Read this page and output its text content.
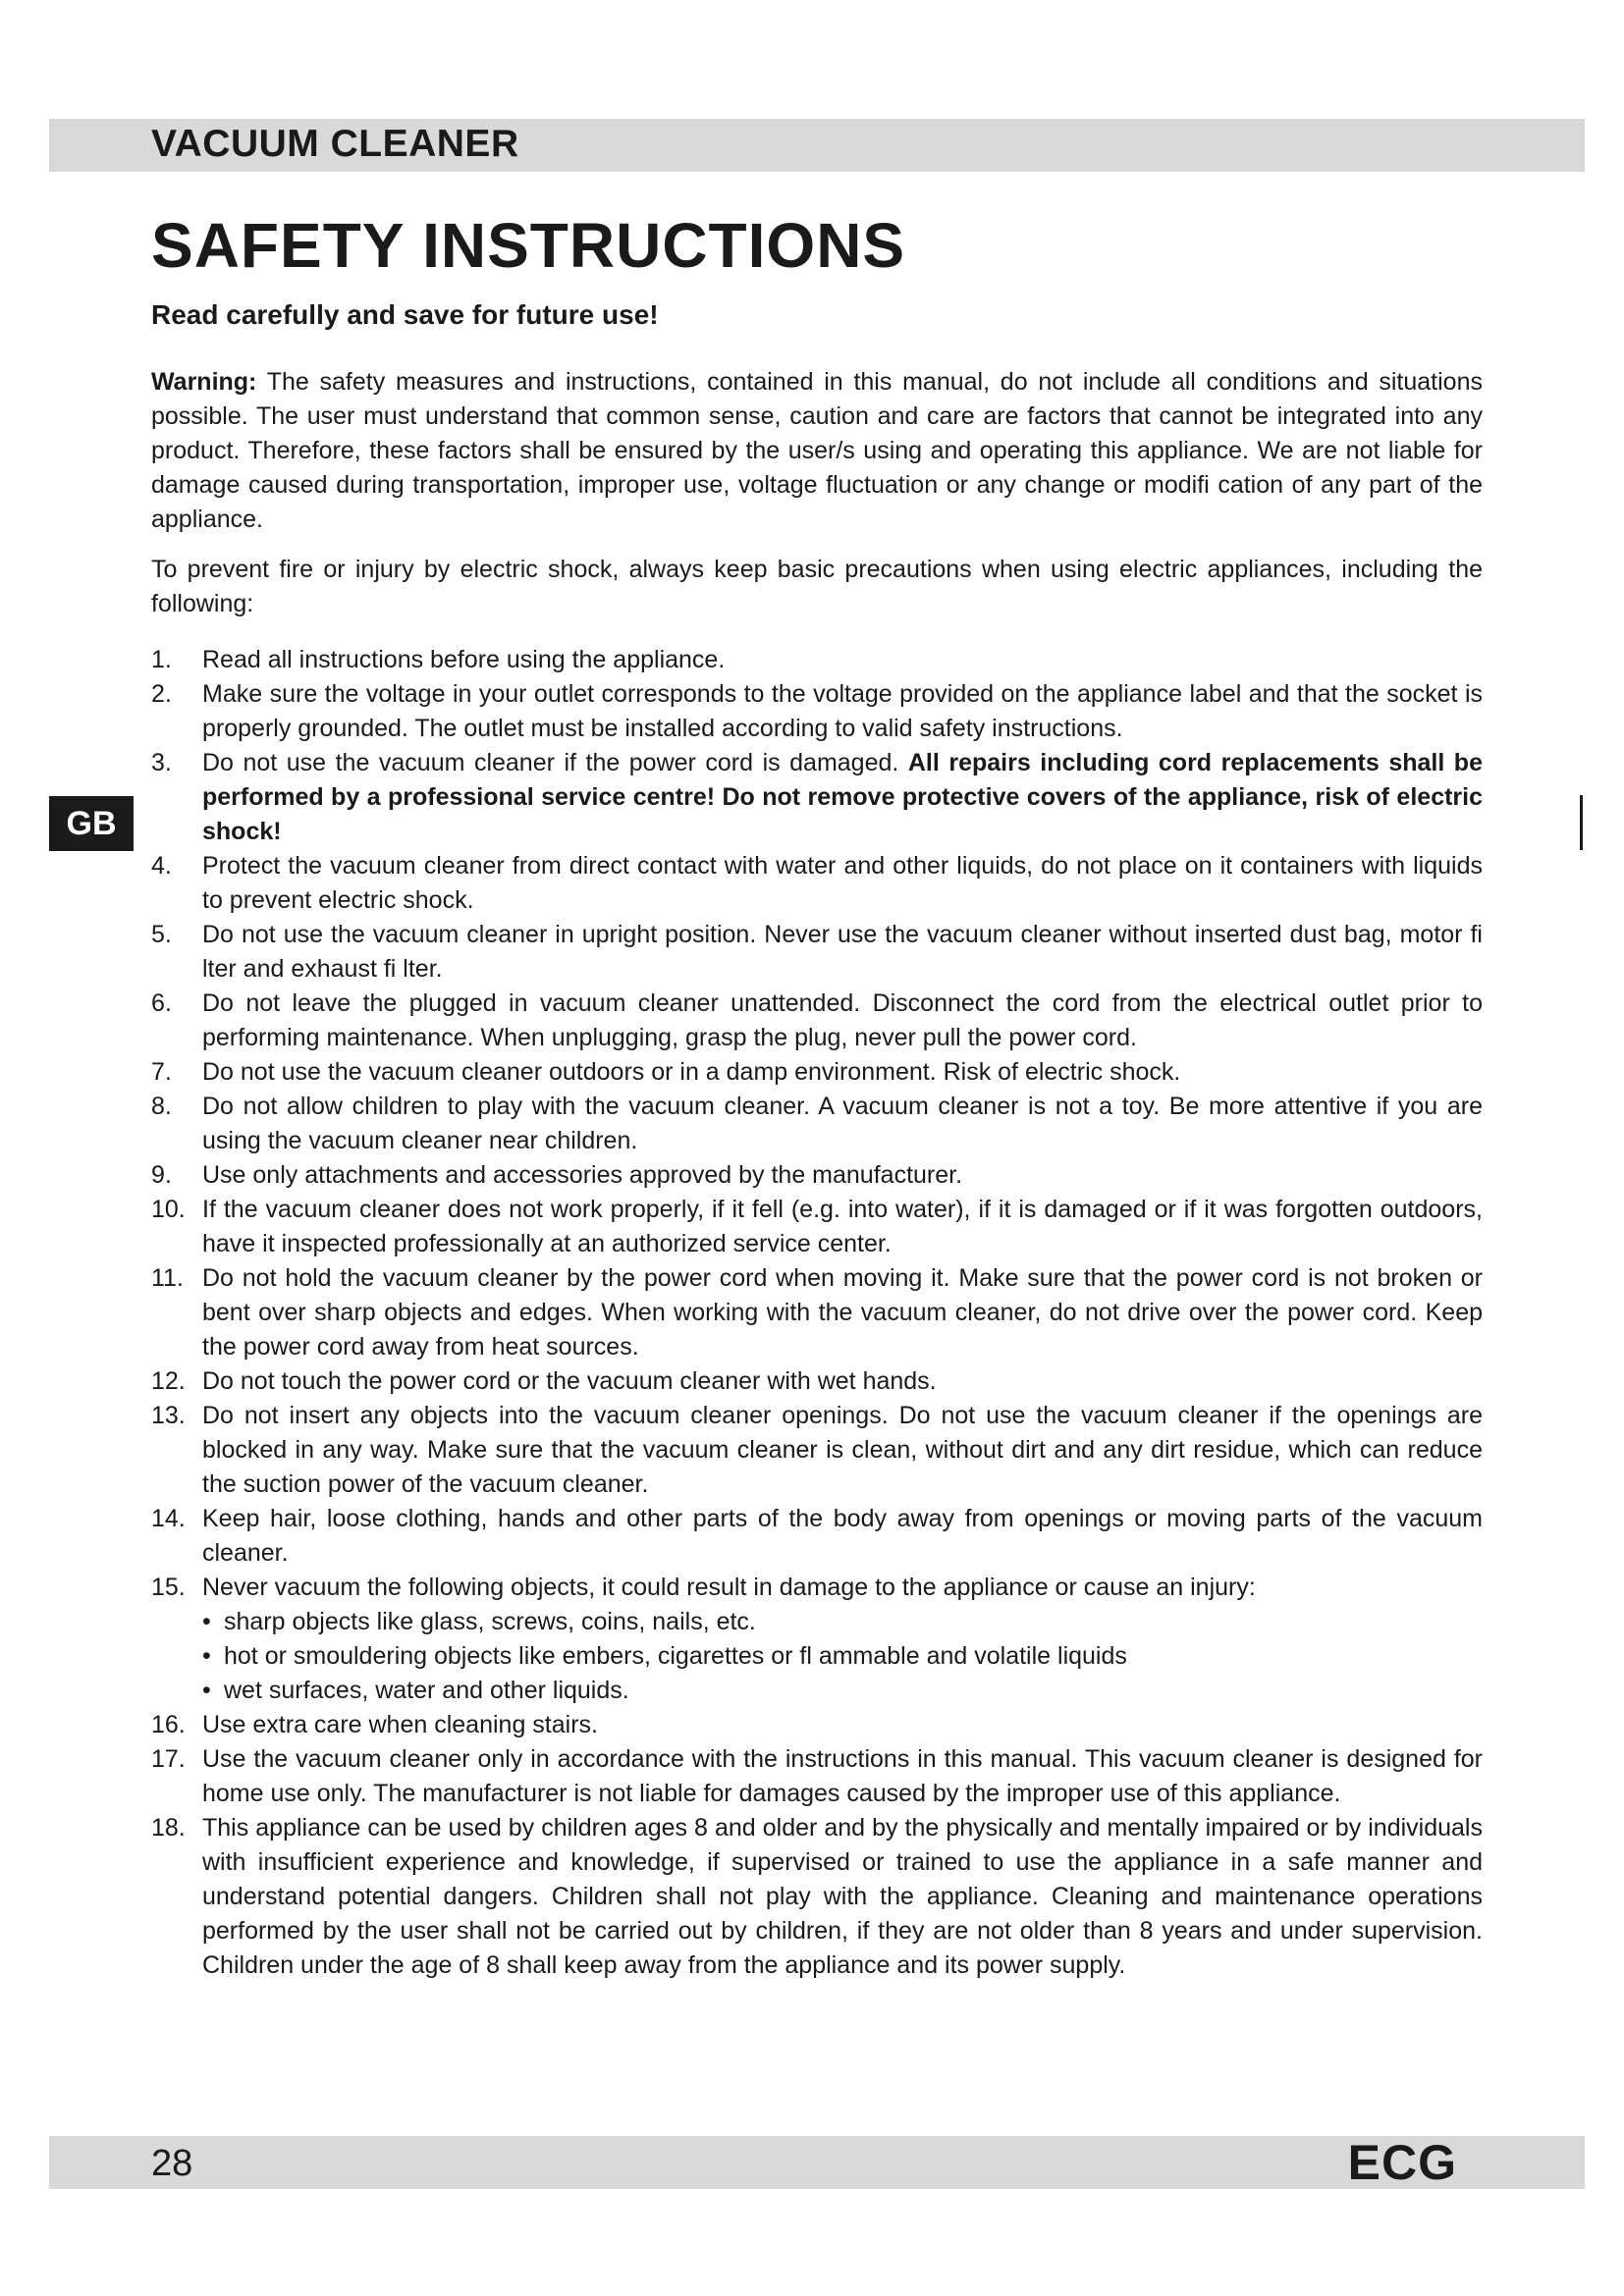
VACUUM CLEANER
SAFETY INSTRUCTIONS
Read carefully and save for future use!
GB

Warning: The safety measures and instructions, contained in this manual, do not include all conditions and situations possible. The user must understand that common sense, caution and care are factors that cannot be integrated into any product. Therefore, these factors shall be ensured by the user/s using and operating this appliance. We are not liable for damage caused during transportation, improper use, voltage fluctuation or any change or modifi cation of any part of the appliance.

To prevent fire or injury by electric shock, always keep basic precautions when using electric appliances, including the following:

1. Read all instructions before using the appliance.
2. Make sure the voltage in your outlet corresponds to the voltage provided on the appliance label and that the socket is properly grounded. The outlet must be installed according to valid safety instructions.
3. Do not use the vacuum cleaner if the power cord is damaged. All repairs including cord replacements shall be performed by a professional service centre! Do not remove protective covers of the appliance, risk of electric shock!
4. Protect the vacuum cleaner from direct contact with water and other liquids, do not place on it containers with liquids to prevent electric shock.
5. Do not use the vacuum cleaner in upright position. Never use the vacuum cleaner without inserted dust bag, motor fi lter and exhaust fi lter.
6. Do not leave the plugged in vacuum cleaner unattended. Disconnect the cord from the electrical outlet prior to performing maintenance. When unplugging, grasp the plug, never pull the power cord.
7. Do not use the vacuum cleaner outdoors or in a damp environment. Risk of electric shock.
8. Do not allow children to play with the vacuum cleaner. A vacuum cleaner is not a toy. Be more attentive if you are using the vacuum cleaner near children.
9. Use only attachments and accessories approved by the manufacturer.
10. If the vacuum cleaner does not work properly, if it fell (e.g. into water), if it is damaged or if it was forgotten outdoors, have it inspected professionally at an authorized service center.
11. Do not hold the vacuum cleaner by the power cord when moving it. Make sure that the power cord is not broken or bent over sharp objects and edges. When working with the vacuum cleaner, do not drive over the power cord. Keep the power cord away from heat sources.
12. Do not touch the power cord or the vacuum cleaner with wet hands.
13. Do not insert any objects into the vacuum cleaner openings. Do not use the vacuum cleaner if the openings are blocked in any way. Make sure that the vacuum cleaner is clean, without dirt and any dirt residue, which can reduce the suction power of the vacuum cleaner.
14. Keep hair, loose clothing, hands and other parts of the body away from openings or moving parts of the vacuum cleaner.
15. Never vacuum the following objects, it could result in damage to the appliance or cause an injury:
• sharp objects like glass, screws, coins, nails, etc.
• hot or smouldering objects like embers, cigarettes or fl ammable and volatile liquids
• wet surfaces, water and other liquids.
16. Use extra care when cleaning stairs.
17. Use the vacuum cleaner only in accordance with the instructions in this manual. This vacuum cleaner is designed for home use only. The manufacturer is not liable for damages caused by the improper use of this appliance.
18. This appliance can be used by children ages 8 and older and by the physically and mentally impaired or by individuals with insufficient experience and knowledge, if supervised or trained to use the appliance in a safe manner and understand potential dangers. Children shall not play with the appliance. Cleaning and maintenance operations performed by the user shall not be carried out by children, if they are not older than 8 years and under supervision. Children under the age of 8 shall keep away from the appliance and its power supply.
28	ECG
